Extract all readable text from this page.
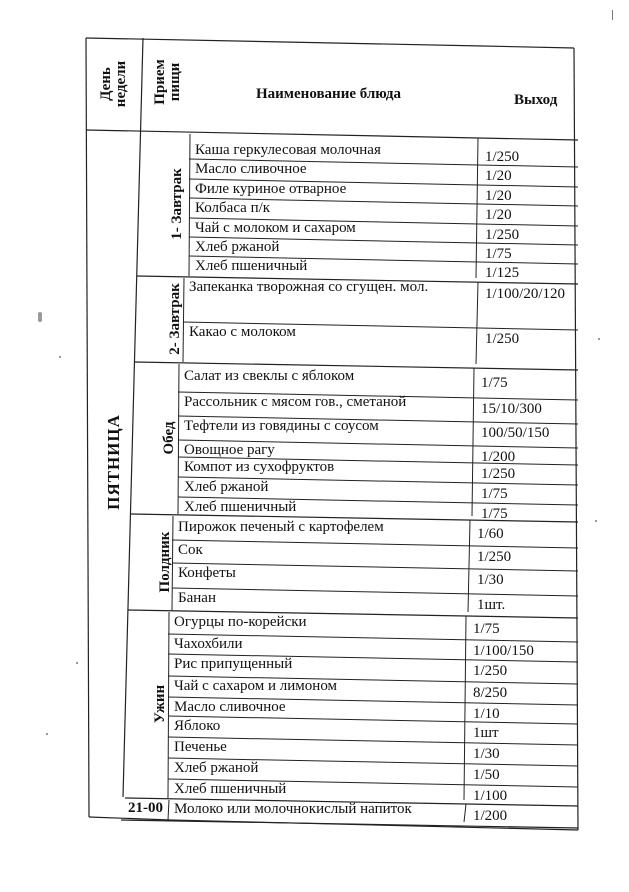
День недели Прием пищи	Наименование блюда	Выход
ПЯТНИЦА
1- Завтрак
Каша геркулесовая молочная	1/250
Масло сливочное	1/20
Филе куриное отварное	1/20
Колбаса п/к	1/20
Чай с молоком и сахаром	1/250
Хлеб ржаной	1/75
Хлеб пшеничный	1/125
2- Завтрак Запеканка творожная со сгущен. мол.	1/100/20/120
Какао с молоком	1/250
Обед
Салат из свеклы с яблоком	1/75
Рассольник с мясом гов., сметаной	15/10/300
Тефтели из говядины с соусом	100/50/150
Овощное рагу	1/200
Компот из сухофруктов	1/250
Хлеб ржаной	1/75
Хлеб пшеничный	1/75
Полдник
Пирожок печеный с картофелем	1/60
Сок	1/250
Конфеты	1/30
Банан	1шт.
Ужин
Огурцы по-корейски	1/75
Чахохбили	1/100/150
Рис припущенный	1/250
Чай с сахаром и лимоном	8/250
Масло сливочное	1/10
Яблоко	1шт
Печенье	1/30
Хлеб ржаной	1/50
Хлеб пшеничный	1/100
21-00 Молоко или молочнокислый напиток	1/200
